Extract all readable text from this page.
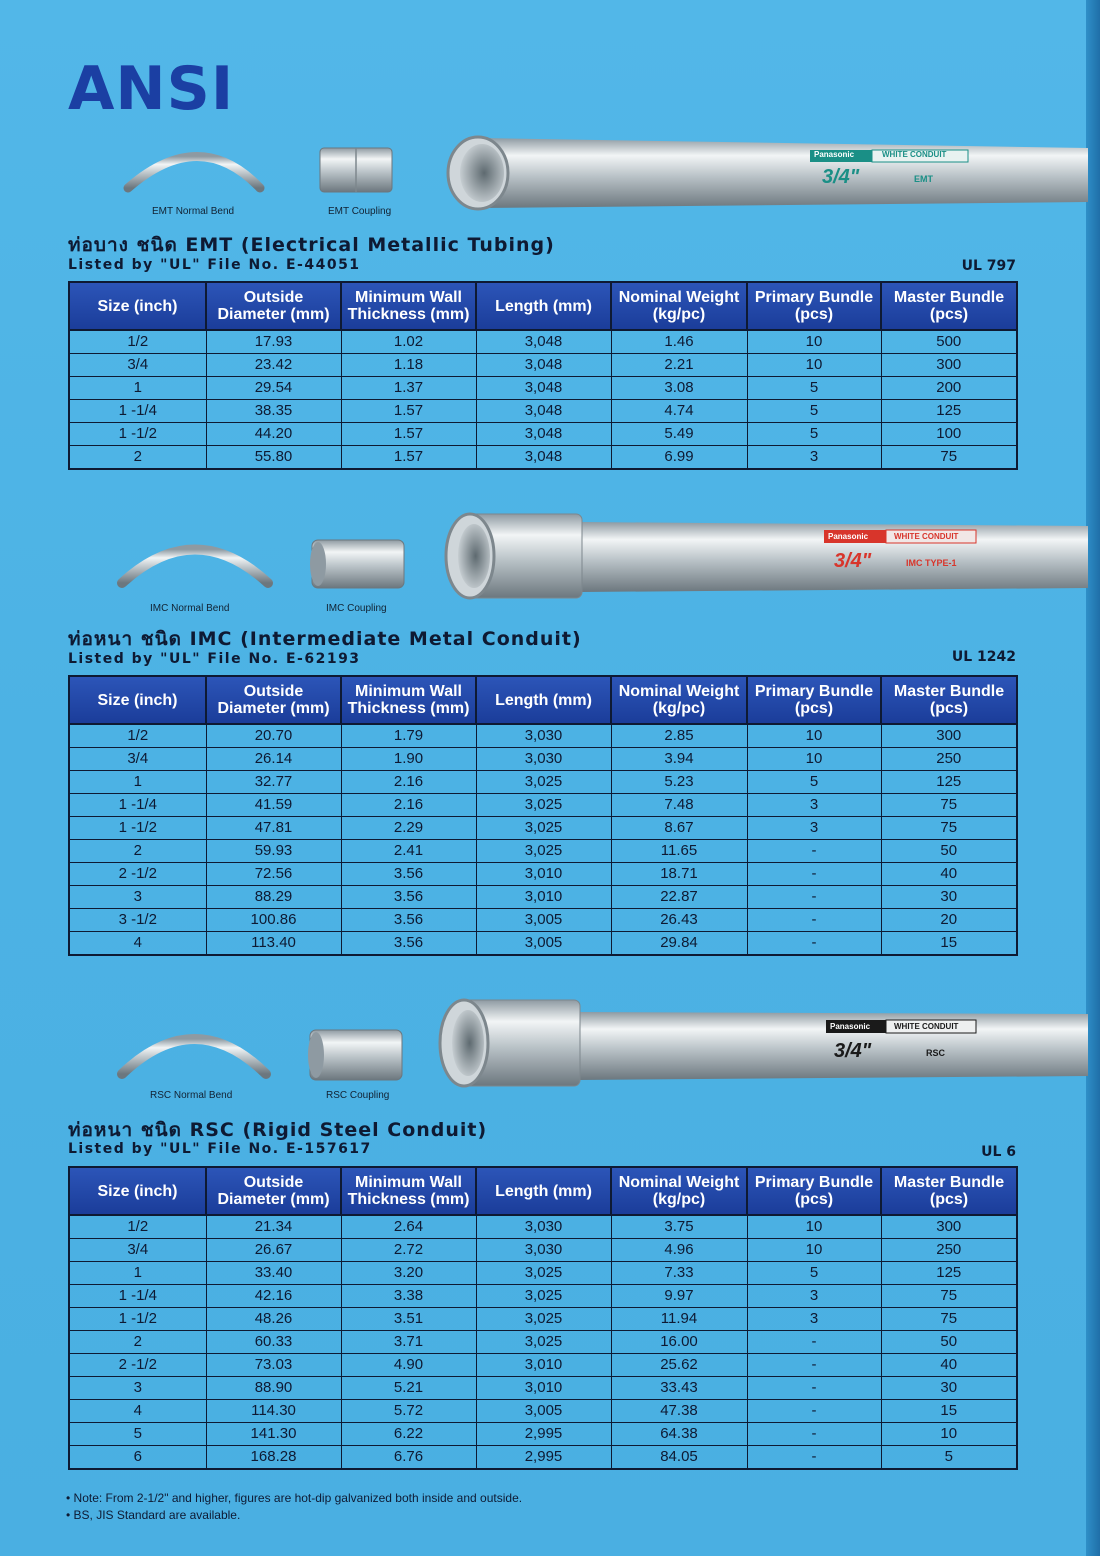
ANSI
Panasonic	WHITE CONDUIT
3/4"	EMT
EMT Normal Bend	EMT Coupling
ท่อบาง ชนิด EMT (Electrical Metallic Tubing)
Listed by "UL" File No. E-44051	UL 797
Size (inch)	Outside Diameter (mm)	Minimum Wall Thickness (mm)	Length (mm)	Nominal Weight (kg/pc)	Primary Bundle (pcs)	Master Bundle (pcs)
1/2	17.93	1.02	3,048	1.46	10	500
3/4	23.42	1.18	3,048	2.21	10	300
1	29.54	1.37	3,048	3.08	5	200
1 -1/4	38.35	1.57	3,048	4.74	5	125
1 -1/2	44.20	1.57	3,048	5.49	5	100
2	55.80	1.57	3,048	6.99	3	75
Panasonic	WHITE CONDUIT
3/4"	IMC TYPE-1
IMC Normal Bend	IMC Coupling
ท่อหนา ชนิด IMC (Intermediate Metal Conduit)
Listed by "UL" File No. E-62193	UL 1242
Size (inch)	Outside Diameter (mm)	Minimum Wall Thickness (mm)	Length (mm)	Nominal Weight (kg/pc)	Primary Bundle (pcs)	Master Bundle (pcs)
1/2	20.70	1.79	3,030	2.85	10	300
3/4	26.14	1.90	3,030	3.94	10	250
1	32.77	2.16	3,025	5.23	5	125
1 -1/4	41.59	2.16	3,025	7.48	3	75
1 -1/2	47.81	2.29	3,025	8.67	3	75
2	59.93	2.41	3,025	11.65	-	50
2 -1/2	72.56	3.56	3,010	18.71	-	40
3	88.29	3.56	3,010	22.87	-	30
3 -1/2	100.86	3.56	3,005	26.43	-	20
4	113.40	3.56	3,005	29.84	-	15
Panasonic	WHITE CONDUIT
3/4"	RSC
RSC Normal Bend	RSC Coupling
ท่อหนา ชนิด RSC (Rigid Steel Conduit)
Listed by "UL" File No. E-157617	UL 6
Size (inch)	Outside Diameter (mm)	Minimum Wall Thickness (mm)	Length (mm)	Nominal Weight (kg/pc)	Primary Bundle (pcs)	Master Bundle (pcs)
1/2	21.34	2.64	3,030	3.75	10	300
3/4	26.67	2.72	3,030	4.96	10	250
1	33.40	3.20	3,025	7.33	5	125
1 -1/4	42.16	3.38	3,025	9.97	3	75
1 -1/2	48.26	3.51	3,025	11.94	3	75
2	60.33	3.71	3,025	16.00	-	50
2 -1/2	73.03	4.90	3,010	25.62	-	40
3	88.90	5.21	3,010	33.43	-	30
4	114.30	5.72	3,005	47.38	-	15
5	141.30	6.22	2,995	64.38	-	10
6	168.28	6.76	2,995	84.05	-	5
• Note: From 2-1/2" and higher, figures are hot-dip galvanized both inside and outside.
• BS, JIS Standard are available.
